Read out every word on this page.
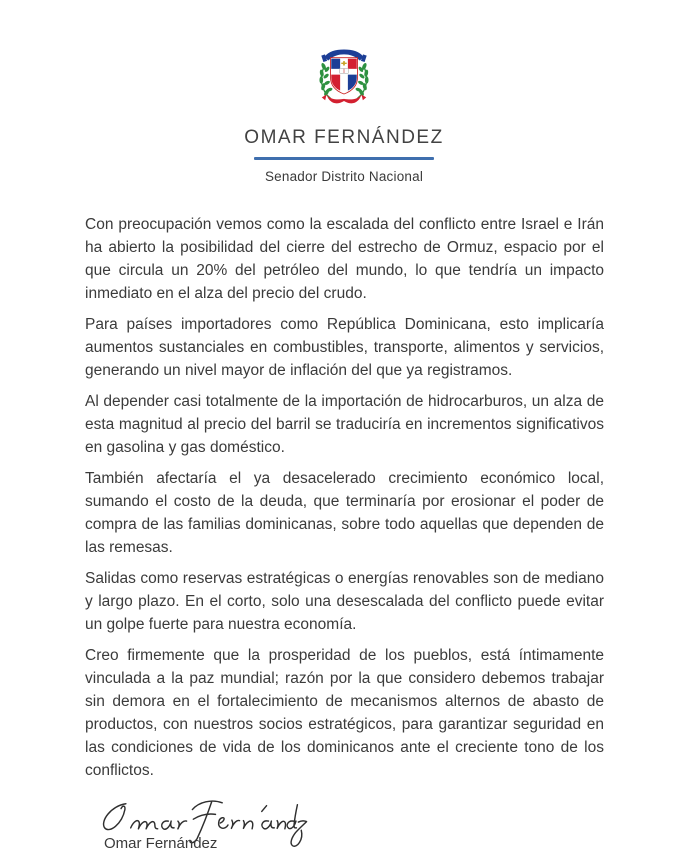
OMAR FERNÁNDEZ

Senador Distrito Nacional

Con preocupación vemos como la escalada del conflicto entre Israel e Irán ha abierto la posibilidad del cierre del estrecho de Ormuz, espacio por el que circula un 20% del petróleo del mundo, lo que tendría un impacto inmediato en el alza del precio del crudo.

Para países importadores como República Dominicana, esto implicaría aumentos sustanciales en combustibles, transporte, alimentos y servicios, generando un nivel mayor de inflación del que ya registramos.

Al depender casi totalmente de la importación de hidrocarburos, un alza de esta magnitud al precio del barril se traduciría en incrementos significativos en gasolina y gas doméstico.

También afectaría el ya desacelerado crecimiento económico local, sumando el costo de la deuda, que terminaría por erosionar el poder de compra de las familias dominicanas, sobre todo aquellas que dependen de las remesas.

Salidas como reservas estratégicas o energías renovables son de mediano y largo plazo. En el corto, solo una desescalada del conflicto puede evitar un golpe fuerte para nuestra economía.

Creo firmemente que la prosperidad de los pueblos, está íntimamente vinculada a la paz mundial; razón por la que considero debemos trabajar sin demora en el fortalecimiento de mecanismos alternos de abasto de productos, con nuestros socios estratégicos, para garantizar seguridad en las condiciones de vida de los dominicanos ante el creciente tono de los conflictos.

Omar Fernández
